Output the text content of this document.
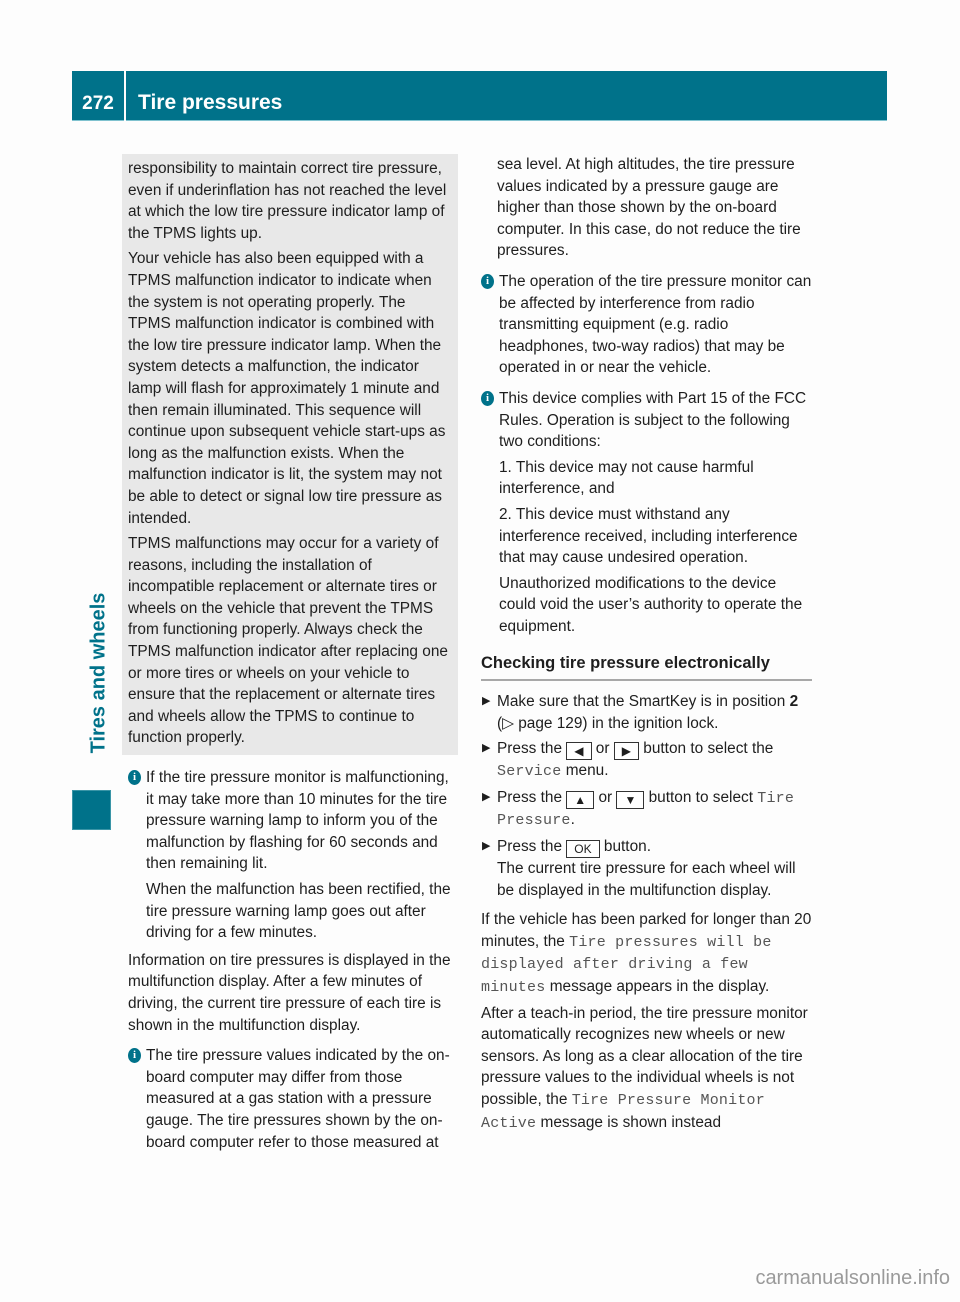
272	Tire pressures
Tires and wheels

responsibility to maintain correct tire pressure, even if underinflation has not reached the level at which the low tire pressure indicator lamp of the TPMS lights up.

Your vehicle has also been equipped with a TPMS malfunction indicator to indicate when the system is not operating properly. The TPMS malfunction indicator is combined with the low tire pressure indicator lamp. When the system detects a malfunction, the indicator lamp will flash for approximately 1 minute and then remain illuminated. This sequence will continue upon subsequent vehicle start-ups as long as the malfunction exists. When the malfunction indicator is lit, the system may not be able to detect or signal low tire pressure as intended.

TPMS malfunctions may occur for a variety of reasons, including the installation of incompatible replacement or alternate tires or wheels on the vehicle that prevent the TPMS from functioning properly. Always check the TPMS malfunction indicator after replacing one or more tires or wheels on your vehicle to ensure that the replacement or alternate tires and wheels allow the TPMS to continue to function properly.

i If the tire pressure monitor is malfunctioning, it may take more than 10 minutes for the tire pressure warning lamp to inform you of the malfunction by flashing for 60 seconds and then remaining lit.

When the malfunction has been rectified, the tire pressure warning lamp goes out after driving for a few minutes.

Information on tire pressures is displayed in the multifunction display. After a few minutes of driving, the current tire pressure of each tire is shown in the multifunction display.

i The tire pressure values indicated by the on-board computer may differ from those measured at a gas station with a pressure gauge. The tire pressures shown by the on-board computer refer to those measured at

sea level. At high altitudes, the tire pressure values indicated by a pressure gauge are higher than those shown by the on-board computer. In this case, do not reduce the tire pressures.

i The operation of the tire pressure monitor can be affected by interference from radio transmitting equipment (e.g. radio headphones, two-way radios) that may be operated in or near the vehicle.

i This device complies with Part 15 of the FCC Rules. Operation is subject to the following two conditions:

1. This device may not cause harmful interference, and

2. This device must withstand any interference received, including interference that may cause undesired operation.

Unauthorized modifications to the device could void the user’s authority to operate the equipment.

Checking tire pressure electronically
▶ Make sure that the SmartKey is in position 2 (▷ page 129) in the ignition lock.
▶ Press the ◀ or ▶ button to select the Service menu.
▶ Press the ▲ or ▼ button to select Tire Pressure.
▶ Press the OK button.
The current tire pressure for each wheel will be displayed in the multifunction display.

If the vehicle has been parked for longer than 20 minutes, the Tire pressures will be displayed after driving a few minutes message appears in the display.

After a teach-in period, the tire pressure monitor automatically recognizes new wheels or new sensors. As long as a clear allocation of the tire pressure values to the individual wheels is not possible, the Tire Pressure Monitor Active message is shown instead

carmanualsonline.info
